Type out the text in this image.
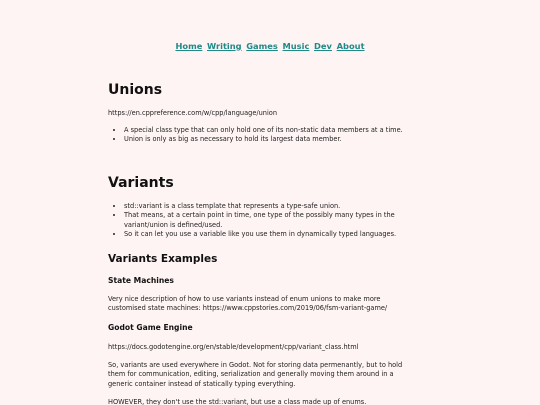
Home Writing Games Music Dev About
Unions

https://en.cppreference.com/w/cpp/language/union

• A special class type that can only hold one of its non-static data members at a time.
• Union is only as big as necessary to hold its largest data member.
Variants
• std::variant is a class template that represents a type-safe union.
• That means, at a certain point in time, one type of the possibly many types in the variant/union is defined/used.
• So it can let you use a variable like you use them in dynamically typed languages.
Variants Examples
State Machines

Very nice description of how to use variants instead of enum unions to make more customised state machines: https://www.cppstories.com/2019/06/fsm-variant-game/

Godot Game Engine

https://docs.godotengine.org/en/stable/development/cpp/variant_class.html

So, variants are used everywhere in Godot. Not for storing data permenantly, but to hold them for communication, editing, serialization and generally moving them around in a generic container instead of statically typing everything.

HOWEVER, they don't use the std::variant, but use a class made up of enums.
